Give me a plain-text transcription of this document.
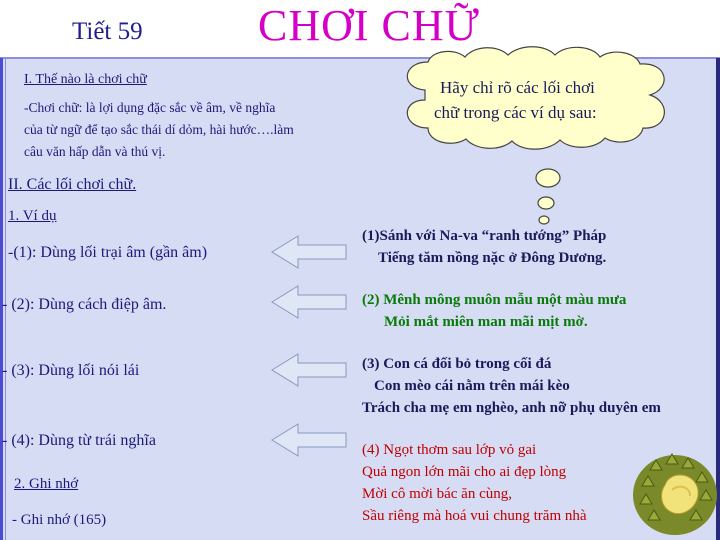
Tiết 59	CHƠI CHỮ
I. Thế nào là chơi chữ
-Chơi chữ: là lợi dụng đặc sắc về âm, về nghĩa
của từ ngữ để tạo sắc thái dí dỏm, hài hước….làm
câu văn hấp dẫn và thú vị.
Hãy chỉ rõ các lối chơi
chữ trong các ví dụ sau:
II. Các lối chơi chữ.
1. Ví dụ
-(1): Dùng lối trại âm (gần âm)
- (2): Dùng cách điệp âm.
- (3): Dùng lối nói lái
- (4): Dùng từ trái nghĩa
2. Ghi nhớ
- Ghi nhớ (165)
(1)Sánh với Na-va “ranh tướng” Pháp
Tiếng tăm nồng nặc ở Đông Dương.
(2) Mênh mông muôn mẫu một màu mưa
Mỏi mắt miên man mãi mịt mờ.
(3) Con cá đối bỏ trong cối đá
Con mèo cái nằm trên mái kèo
Trách cha mẹ em nghèo, anh nỡ phụ duyên em
(4) Ngọt thơm sau lớp vỏ gai
Quả ngon lớn mãi cho ai đẹp lòng
Mời cô mời bác ăn cùng,
Sầu riêng mà hoá vui chung trăm nhà
